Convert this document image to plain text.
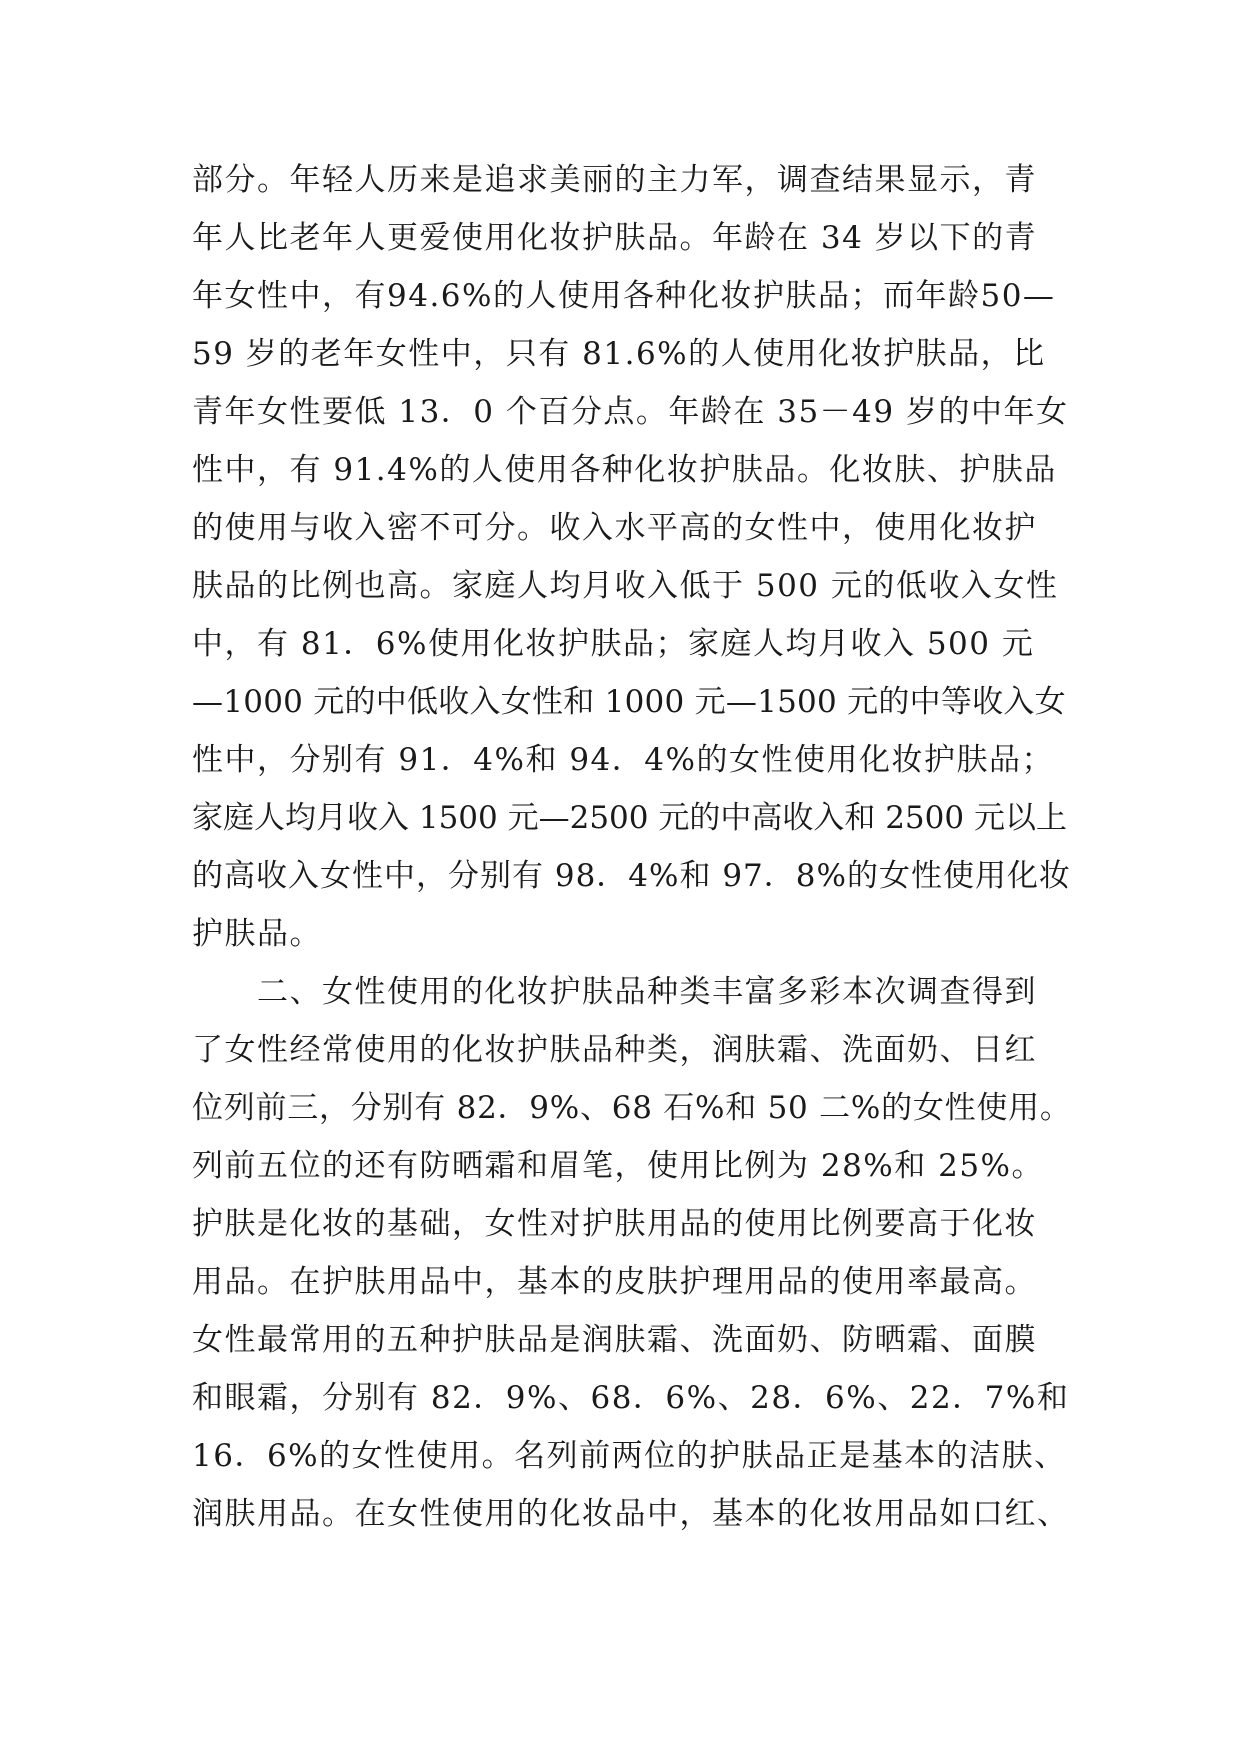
部分。年轻人历来是追求美丽的主力军，调查结果显示，青
年人比老年人更爱使用化妆护肤品。年龄在 34 岁以下的青
年女性中，有94.6%的人使用各种化妆护肤品；而年龄50—
59 岁的老年女性中，只有 81.6%的人使用化妆护肤品，比
青年女性要低 13．0 个百分点。年龄在 35－49 岁的中年女
性中，有 91.4%的人使用各种化妆护肤品。化妆肤、护肤品
的使用与收入密不可分。收入水平高的女性中，使用化妆护
肤品的比例也高。家庭人均月收入低于 500 元的低收入女性
中，有 81．6%使用化妆护肤品；家庭人均月收入 500 元
—1000 元的中低收入女性和 1000 元—1500 元的中等收入女
性中，分别有 91．4%和 94．4%的女性使用化妆护肤品；
家庭人均月收入 1500 元—2500 元的中高收入和 2500 元以上
的高收入女性中，分别有 98．4%和 97．8%的女性使用化妆
护肤品。
　　二、女性使用的化妆护肤品种类丰富多彩本次调查得到
了女性经常使用的化妆护肤品种类，润肤霜、洗面奶、日红
位列前三，分别有 82．9%、68 石%和 50 二%的女性使用。
列前五位的还有防晒霜和眉笔，使用比例为 28%和 25%。
护肤是化妆的基础，女性对护肤用品的使用比例要高于化妆
用品。在护肤用品中，基本的皮肤护理用品的使用率最高。
女性最常用的五种护肤品是润肤霜、洗面奶、防晒霜、面膜
和眼霜，分别有 82．9%、68．6%、28．6%、22．7%和
16．6%的女性使用。名列前两位的护肤品正是基本的洁肤、
润肤用品。在女性使用的化妆品中，基本的化妆用品如口红、
